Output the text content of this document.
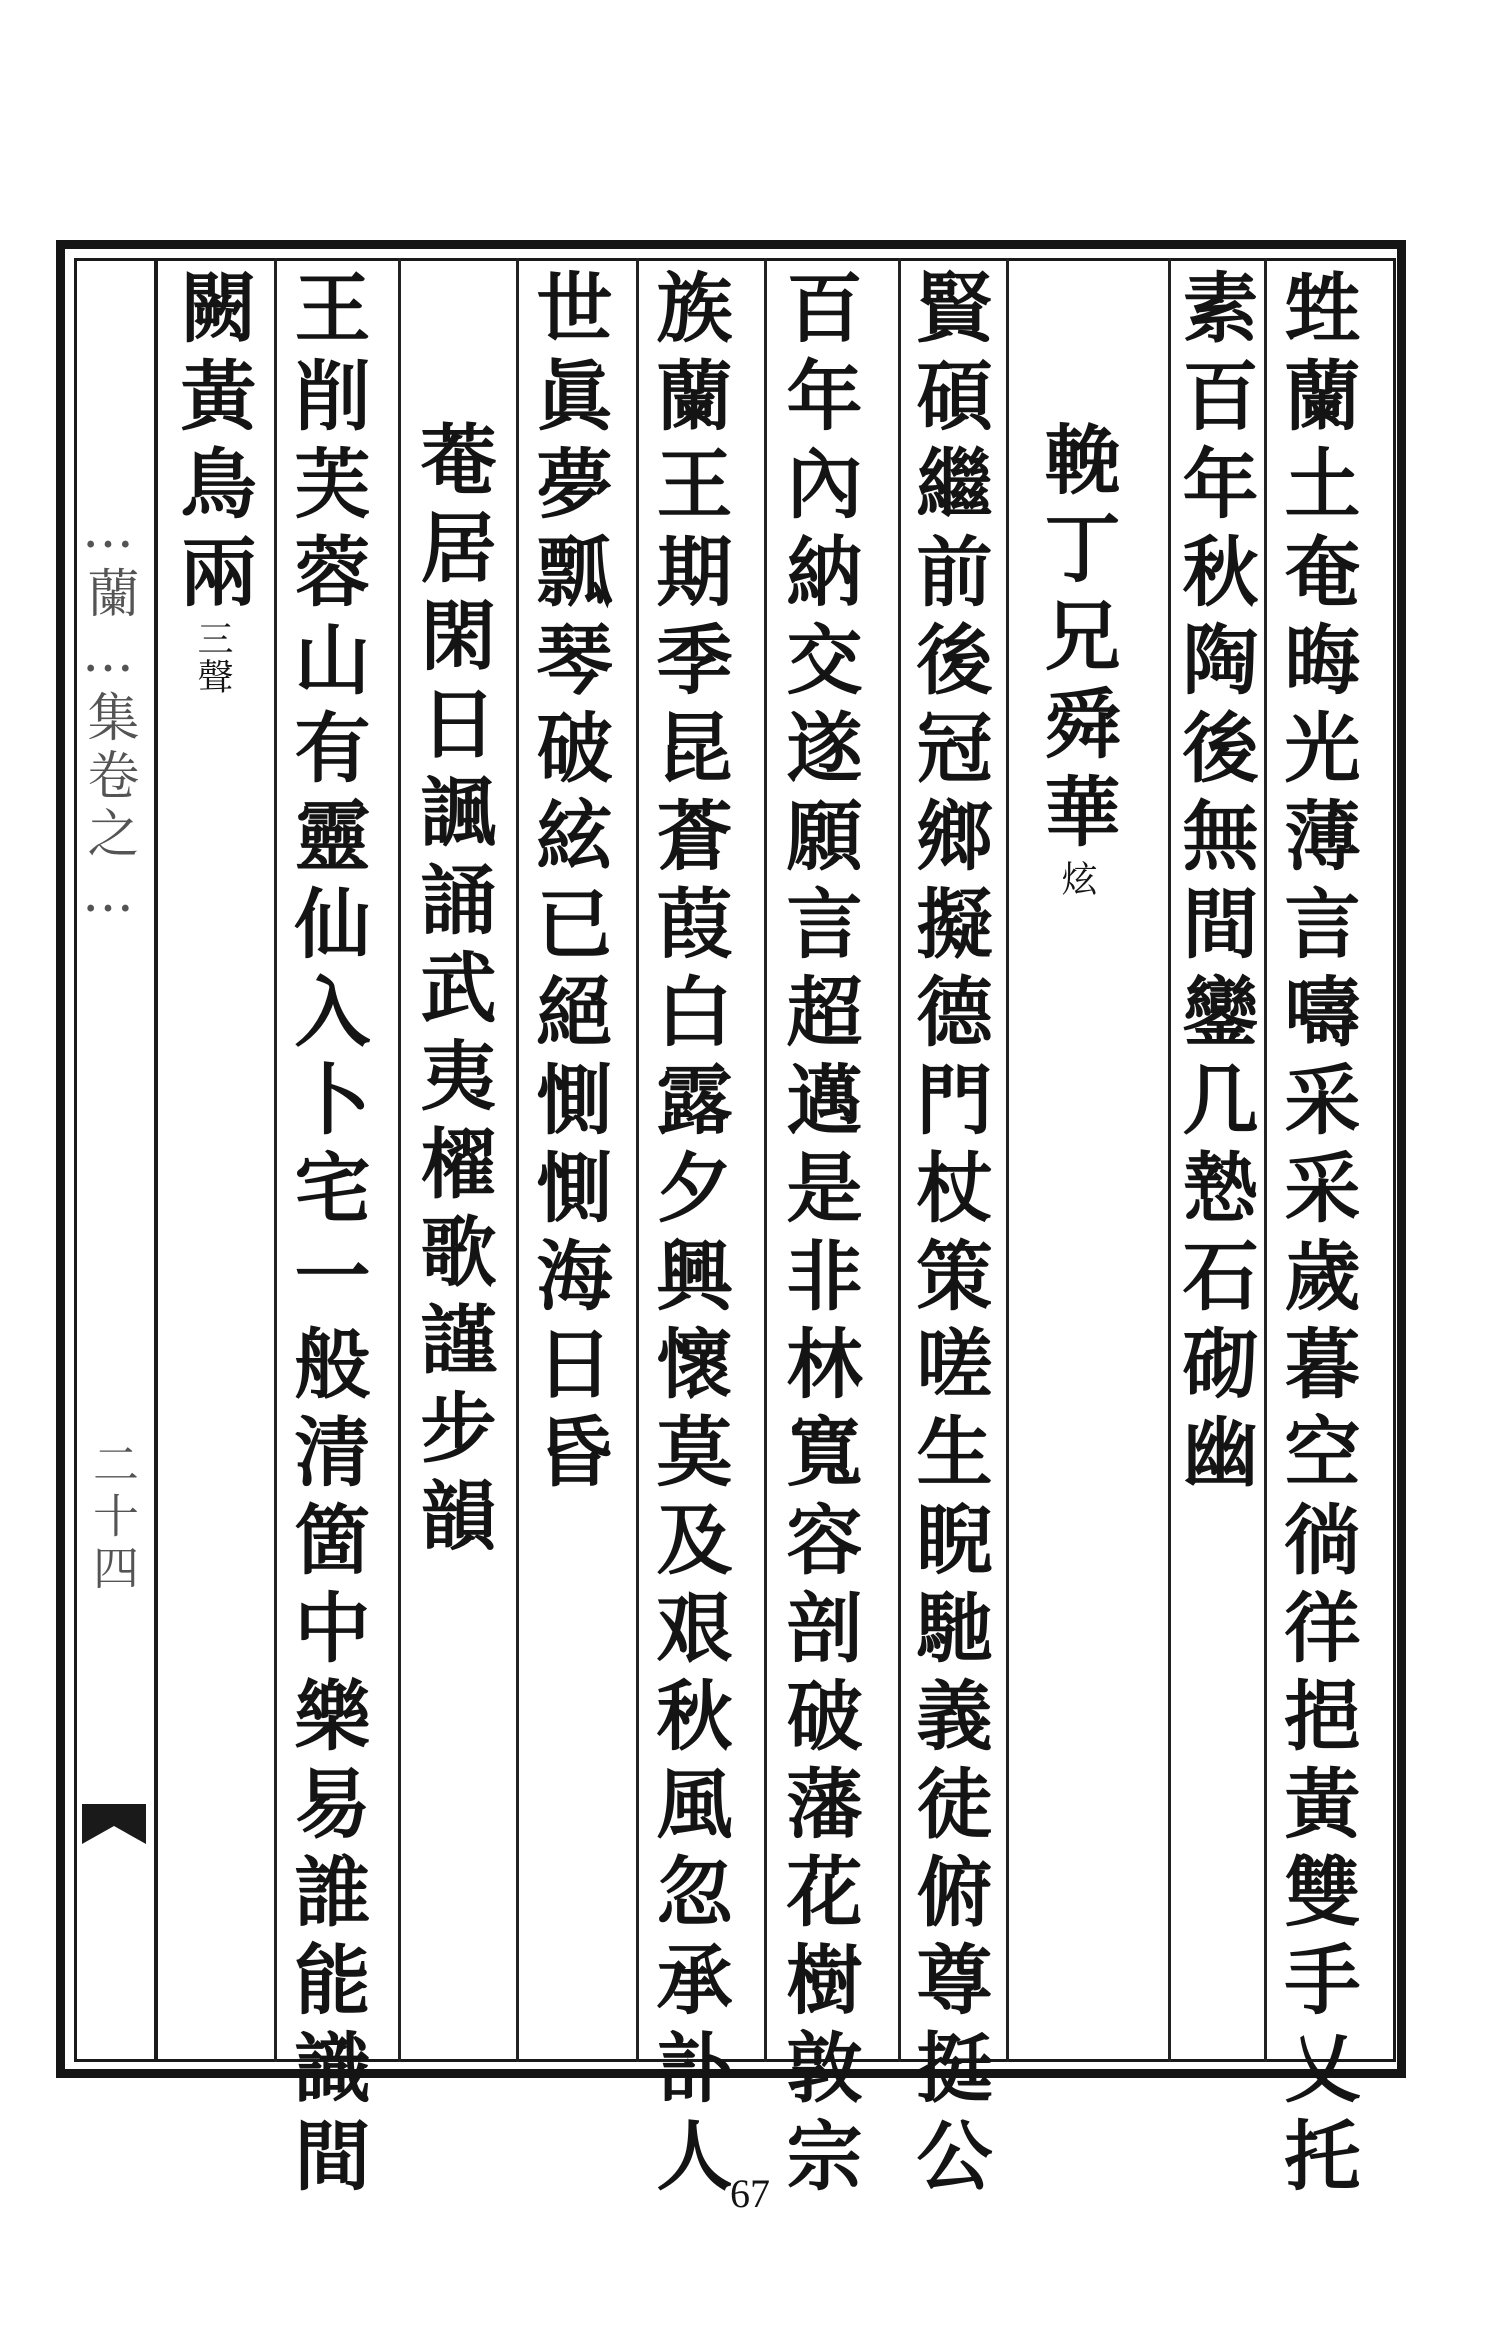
…蘭…集卷之…
二十四	甡蘭土奄晦光薄言嚋采采歲暮空徜徉挹黃雙手乂托
素百年秋陶後無間鑾几慹石砌幽
輓丁兄舜華炫
賢碩繼前後冠鄉擬德門杖策嗟生睨馳義徒俯尊挺公
百年內納交遂願言超邁是非林寬容剖破藩花樹敦宗
族蘭王期季昆蒼葭白露夕興懷莫及艰秋風忽承訃人
世眞夢瓢琴破絃已絕惻惻海日昏
菴居閑日諷誦武夷櫂歌謹步韻
王削芙蓉山有靈仙入卜宅一般清箇中樂易誰能識間
闕黃鳥兩三聲
67
